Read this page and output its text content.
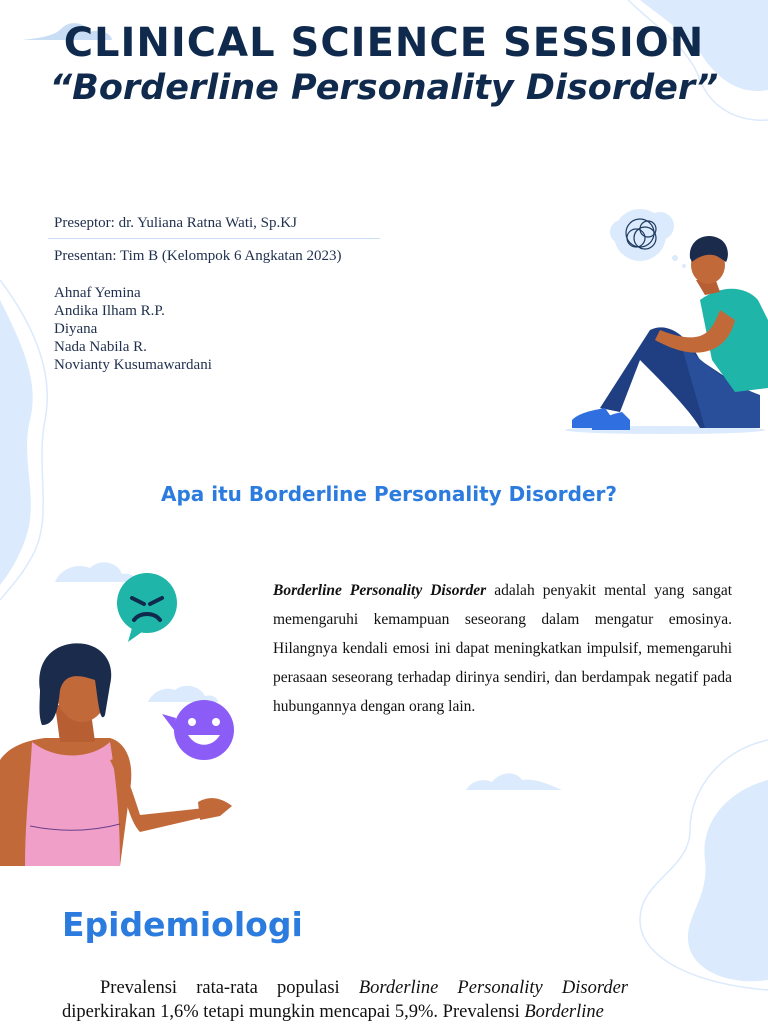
CLINICAL SCIENCE SESSION
“Borderline Personality Disorder”
Preseptor: dr. Yuliana Ratna Wati, Sp.KJ
Presentan: Tim B (Kelompok 6 Angkatan 2023)
Ahnaf Yemina
Andika Ilham R.P.
Diyana
Nada Nabila R.
Novianty Kusumawardani
Apa itu Borderline Personality Disorder?
Borderline Personality Disorder adalah penyakit mental yang sangat memengaruhi kemampuan seseorang dalam mengatur emosinya. Hilangnya kendali emosi ini dapat meningkatkan impulsif, memengaruhi perasaan seseorang terhadap dirinya sendiri, dan berdampak negatif pada hubungannya dengan orang lain.
Epidemiologi
Prevalensi rata-rata populasi Borderline Personality Disorder diperkirakan 1,6% tetapi mungkin mencapai 5,9%. Prevalensi Borderline
